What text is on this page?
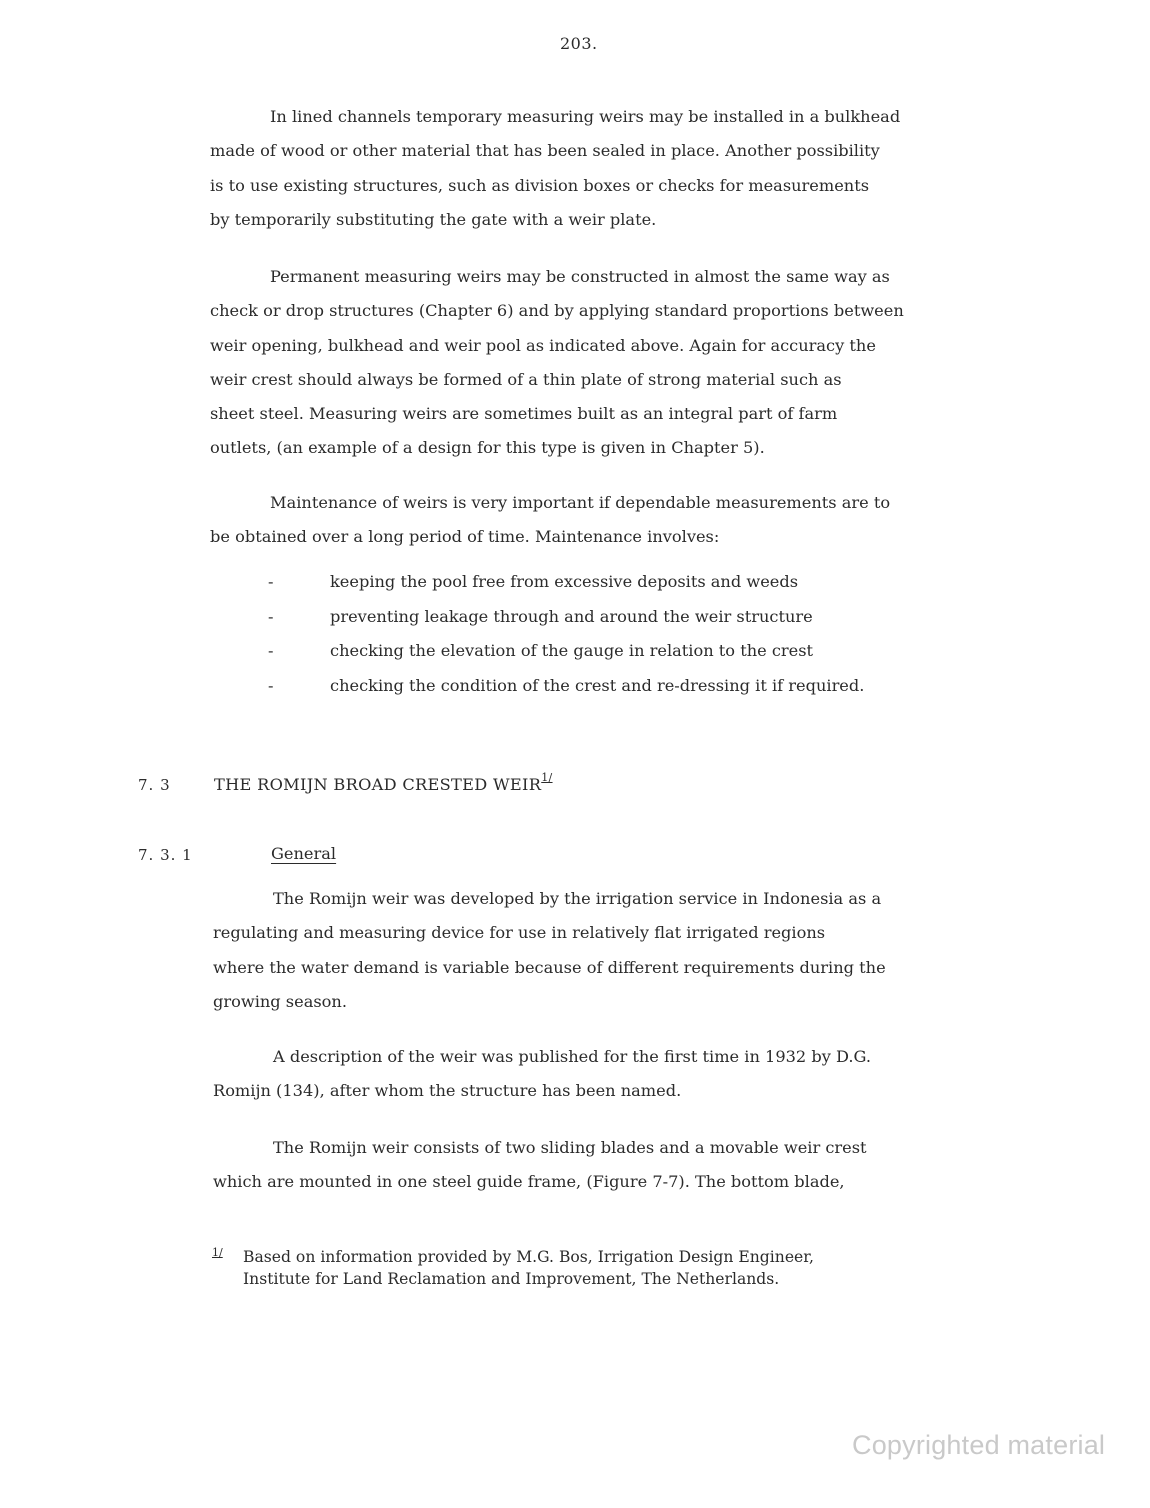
203.
In lined channels temporary measuring weirs may be installed in a bulkhead
made of wood or other material that has been sealed in place. Another possibility
is to use existing structures, such as division boxes or checks for measurements
by temporarily substituting the gate with a weir plate.
Permanent measuring weirs may be constructed in almost the same way as
check or drop structures (Chapter 6) and by applying standard proportions between
weir opening, bulkhead and weir pool as indicated above. Again for accuracy the
weir crest should always be formed of a thin plate of strong material such as
sheet steel. Measuring weirs are sometimes built as an integral part of farm
outlets, (an example of a design for this type is given in Chapter 5).
Maintenance of weirs is very important if dependable measurements are to
be obtained over a long period of time. Maintenance involves:
-	keeping the pool free from excessive deposits and weeds
-	preventing leakage through and around the weir structure
-	checking the elevation of the gauge in relation to the crest
-	checking the condition of the crest and re-dressing it if required.
7. 3	THE ROMIJN BROAD CRESTED $WEIR^{1/}$
7. 3. 1	General
The Romijn weir was developed by the irrigation service in Indonesia as a
regulating and measuring device for use in relatively flat irrigated regions
where the water demand is variable because of different requirements during the
growing season.
A description of the weir was published for the first time in 1932 by D.G.
Romijn (134), after whom the structure has been named.
The Romijn weir consists of two sliding blades and a movable weir crest
which are mounted in one steel guide frame, (Figure 7-7). The bottom blade,
1/	Based on information provided by M.G. Bos, Irrigation Design Engineer,
Institute for Land Reclamation and Improvement, The Netherlands.
Copyrighted material
